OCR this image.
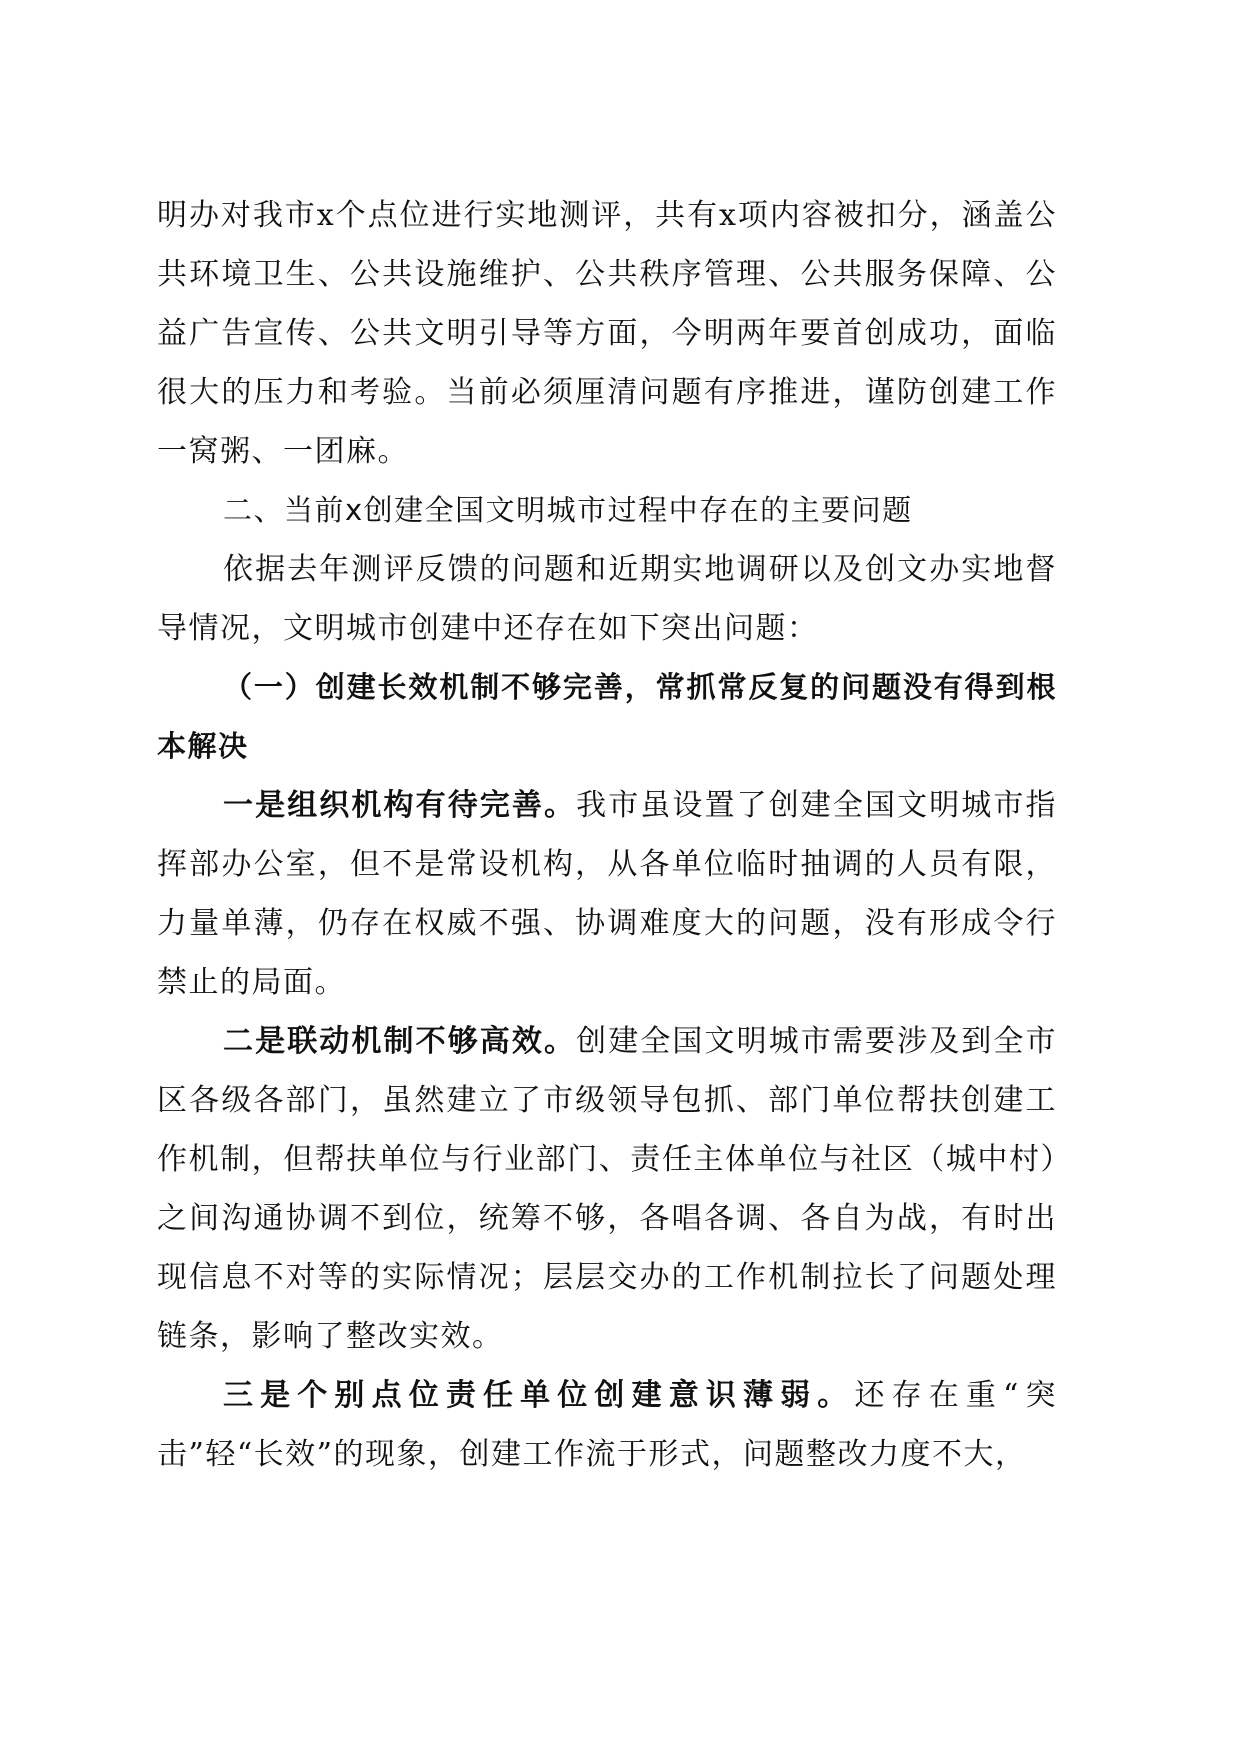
明办对我市x个点位进行实地测评，共有x项内容被扣分，涵盖公共环境卫生、公共设施维护、公共秩序管理、公共服务保障、公益广告宣传、公共文明引导等方面，今明两年要首创成功，面临很大的压力和考验。当前必须厘清问题有序推进，谨防创建工作一窝粥、一团麻。

二、当前x创建全国文明城市过程中存在的主要问题

依据去年测评反馈的问题和近期实地调研以及创文办实地督导情况，文明城市创建中还存在如下突出问题：

（一）创建长效机制不够完善，常抓常反复的问题没有得到根本解决

一是组织机构有待完善。我市虽设置了创建全国文明城市指挥部办公室，但不是常设机构，从各单位临时抽调的人员有限，力量单薄，仍存在权威不强、协调难度大的问题，没有形成令行禁止的局面。

二是联动机制不够高效。创建全国文明城市需要涉及到全市区各级各部门，虽然建立了市级领导包抓、部门单位帮扶创建工作机制，但帮扶单位与行业部门、责任主体单位与社区（城中村）之间沟通协调不到位，统筹不够，各唱各调、各自为战，有时出现信息不对等的实际情况；层层交办的工作机制拉长了问题处理链条，影响了整改实效。

三是个别点位责任单位创建意识薄弱。还存在重“突击”轻“长效”的现象，创建工作流于形式，问题整改力度不大，
